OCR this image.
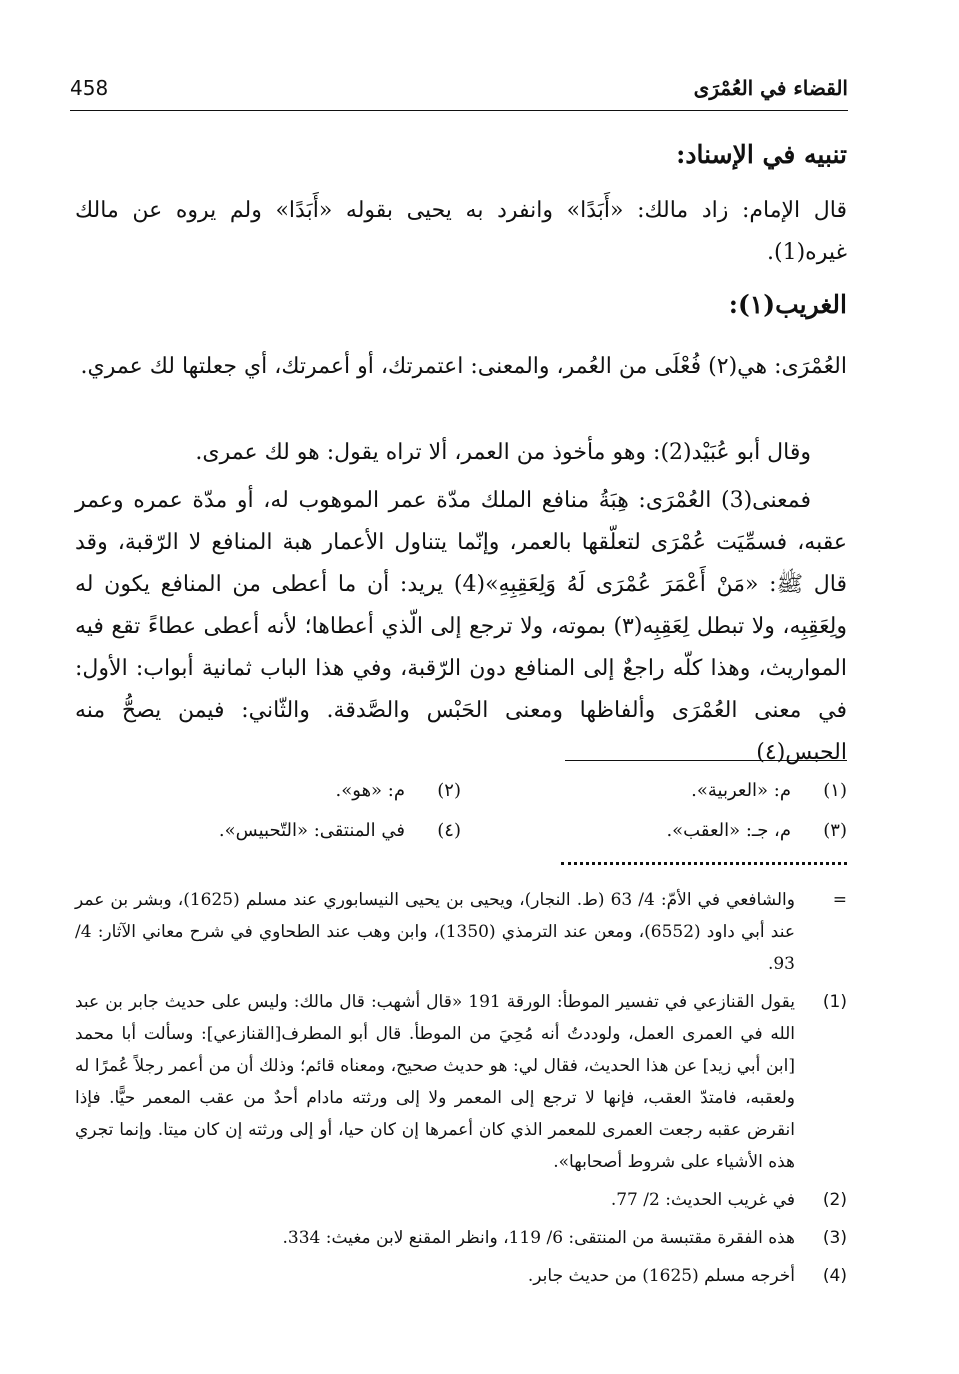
458	القضاء في العُمْرَى
تنبيه في الإسناد:
قال الإمام: زاد مالك: «أَبَدًا» وانفرد به يحيى بقوله «أَبَدًا» ولم يروه عن مالك غيره(1).
الغريب(١):
العُمْرَى: هي(٢) فُعْلَى من العُمر، والمعنى: اعتمرتك، أو أعمرتك، أي جعلتها لك عمري.
وقال أبو عُبَيْد(2): وهو مأخوذ من العمر، ألا تراه يقول: هو لك عمرى.
فمعنى(3) العُمْرَى: هِبَةُ منافع الملك مدّة عمر الموهوب له، أو مدّة عمره وعمر عقبه، فسمِّيَت عُمْرَى لتعلّقها بالعمر، وإنّما يتناول الأعمار هبة المنافع لا الرّقبة، وقد قال ﷺ: «مَنْ أَعْمَرَ عُمْرَى لَهُ وَلِعَقِبِهِ»(4) يريد: أن ما أعطى من المنافع يكون له ولِعَقِبِه، ولا تبطل لِعَقِبِه(٣) بموته، ولا ترجع إلى الّذي أعطاها؛ لأنه أعطى عطاءً تقع فيه المواريث، وهذا كلّه راجعٌ إلى المنافع دون الرّقبة، وفي هذا الباب ثمانية أبواب: الأول: في معنى العُمْرَى وألفاظها ومعنى الحَبْس والصَّدقة. والثّاني: فيمن يصحُّ منه الحبس(٤)
(١)
م: «العربية».
(٢)
م: «هو».
(٣)
م، جـ: «العقب».
(٤)
في المنتقى: «التّحبيس».
=
والشافعي في الأمّ: 4/ 63 (ط. النجار)، ويحيى بن يحيى النيسابوري عند مسلم (1625)، وبشر بن عمر عند أبي داود (6552)، ومعن عند الترمذي (1350)، وابن وهب عند الطحاوي في شرح معاني الآثار: 4/ 93.
(1)
يقول القنازعي في تفسير الموطأ: الورقة 191 «قال أشهب: قال مالك: وليس على حديث جابر بن عبد الله في العمرى العمل، ولوددتُ أنه مُحِيَ من الموطأ. قال أبو المطرف[القنازعي]: وسألت أبا محمد [ابن أبي زيد] عن هذا الحديث، فقال لي: هو حديث صحيح، ومعناه قائم؛ وذلك أن من أعمر رجلاً عُمرًا له ولعقبه، فامتدّ العقب، فإنها لا ترجع إلى المعمر ولا إلى ورثته مادام أحدٌ من عقب المعمر حيًّا. فإذا انقرض عقبه رجعت العمرى للمعمر الذي كان أعمرها إن كان حيا، أو إلى ورثته إن كان ميتا. وإنما تجري هذه الأشياء على شروط أصحابها».
(2)
في غريب الحديث: 2/ 77.
(3)
هذه الفقرة مقتبسة من المنتقى: 6/ 119، وانظر المقنع لابن مغيث: 334.
(4)
أخرجه مسلم (1625) من حديث جابر.
